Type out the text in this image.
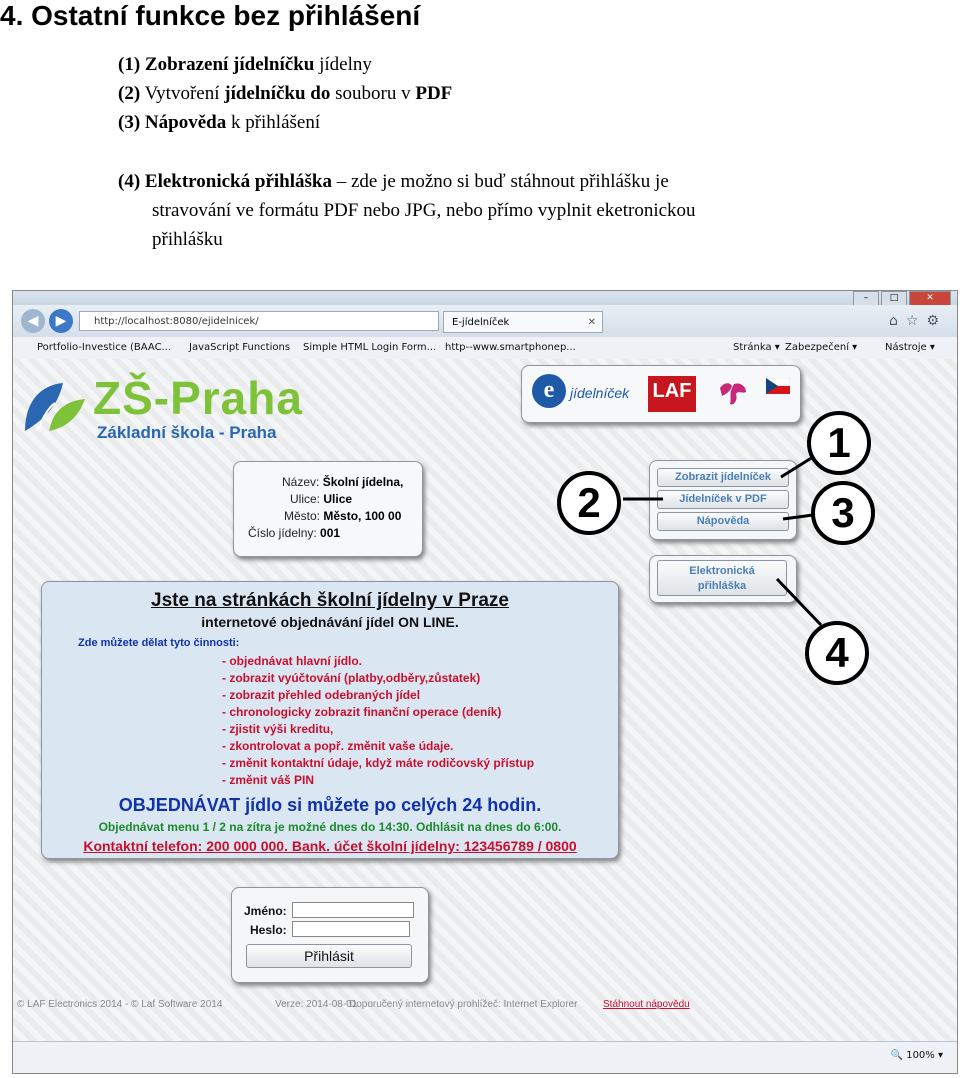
4. Ostatní funkce bez přihlášení
(1) Zobrazení jídelníčku jídelny
(2) Vytvoření jídelníčku do souboru v PDF
(3) Nápověda k přihlášení
(4) Elektronická přihláška – zde je možno si buď stáhnout přihlášku je
stravování ve formátu PDF nebo JPG, nebo přímo vyplnit eketronickou
přihlášku
–	□	✕
◀	▶	http://localhost:8080/ejidelnicek/	E-jídelníček	✕	⌂☆⚙
Portfolio-Investice (BAAC... JavaScript Functions Simple HTML Login Form... http--www.smartphonep...	Stránka ▾ Zabezpečení ▾	Nástroje ▾
ZŠ-Praha
Základní škola - Praha
e	jídelníček LAF
Název: Školní jídelna,
Ulice: Ulice
Město: Město, 100 00
Číslo jídelny: 001
Zobrazit jídelníček
Jídelníček v PDF
Nápověda
Elektronická
přihláška
Jste na stránkách školní jídelny v Praze
internetové objednávání jídel ON LINE.
Zde můžete dělat tyto činnosti:
- objednávat hlavní jídlo.
- zobrazit vyúčtování (platby,odběry,zůstatek)
- zobrazit přehled odebraných jídel
- chronologicky zobrazit finanční operace (deník)
- zjistit výši kreditu,
- zkontrolovat a popř. změnit vaše údaje.
- změnit kontaktní údaje, když máte rodičovský přístup
- změnit váš PIN
OBJEDNÁVAT jídlo si můžete po celých 24 hodin.
Objednávat menu 1 / 2 na zítra je možné dnes do 14:30. Odhlásit na dnes do 6:00.
Kontaktní telefon: 200 000 000. Bank. účet školní jídelny: 123456789 / 0800
Jméno:
Heslo:
Přihlásit
© LAF Electronics 2014 - © Laf Software 2014	Verze: 2014-08-01
Doporučený internetový prohlížeč: Internet Explorer	Stáhnout nápovědu
🔍 100% ▾
1
2	3
4
